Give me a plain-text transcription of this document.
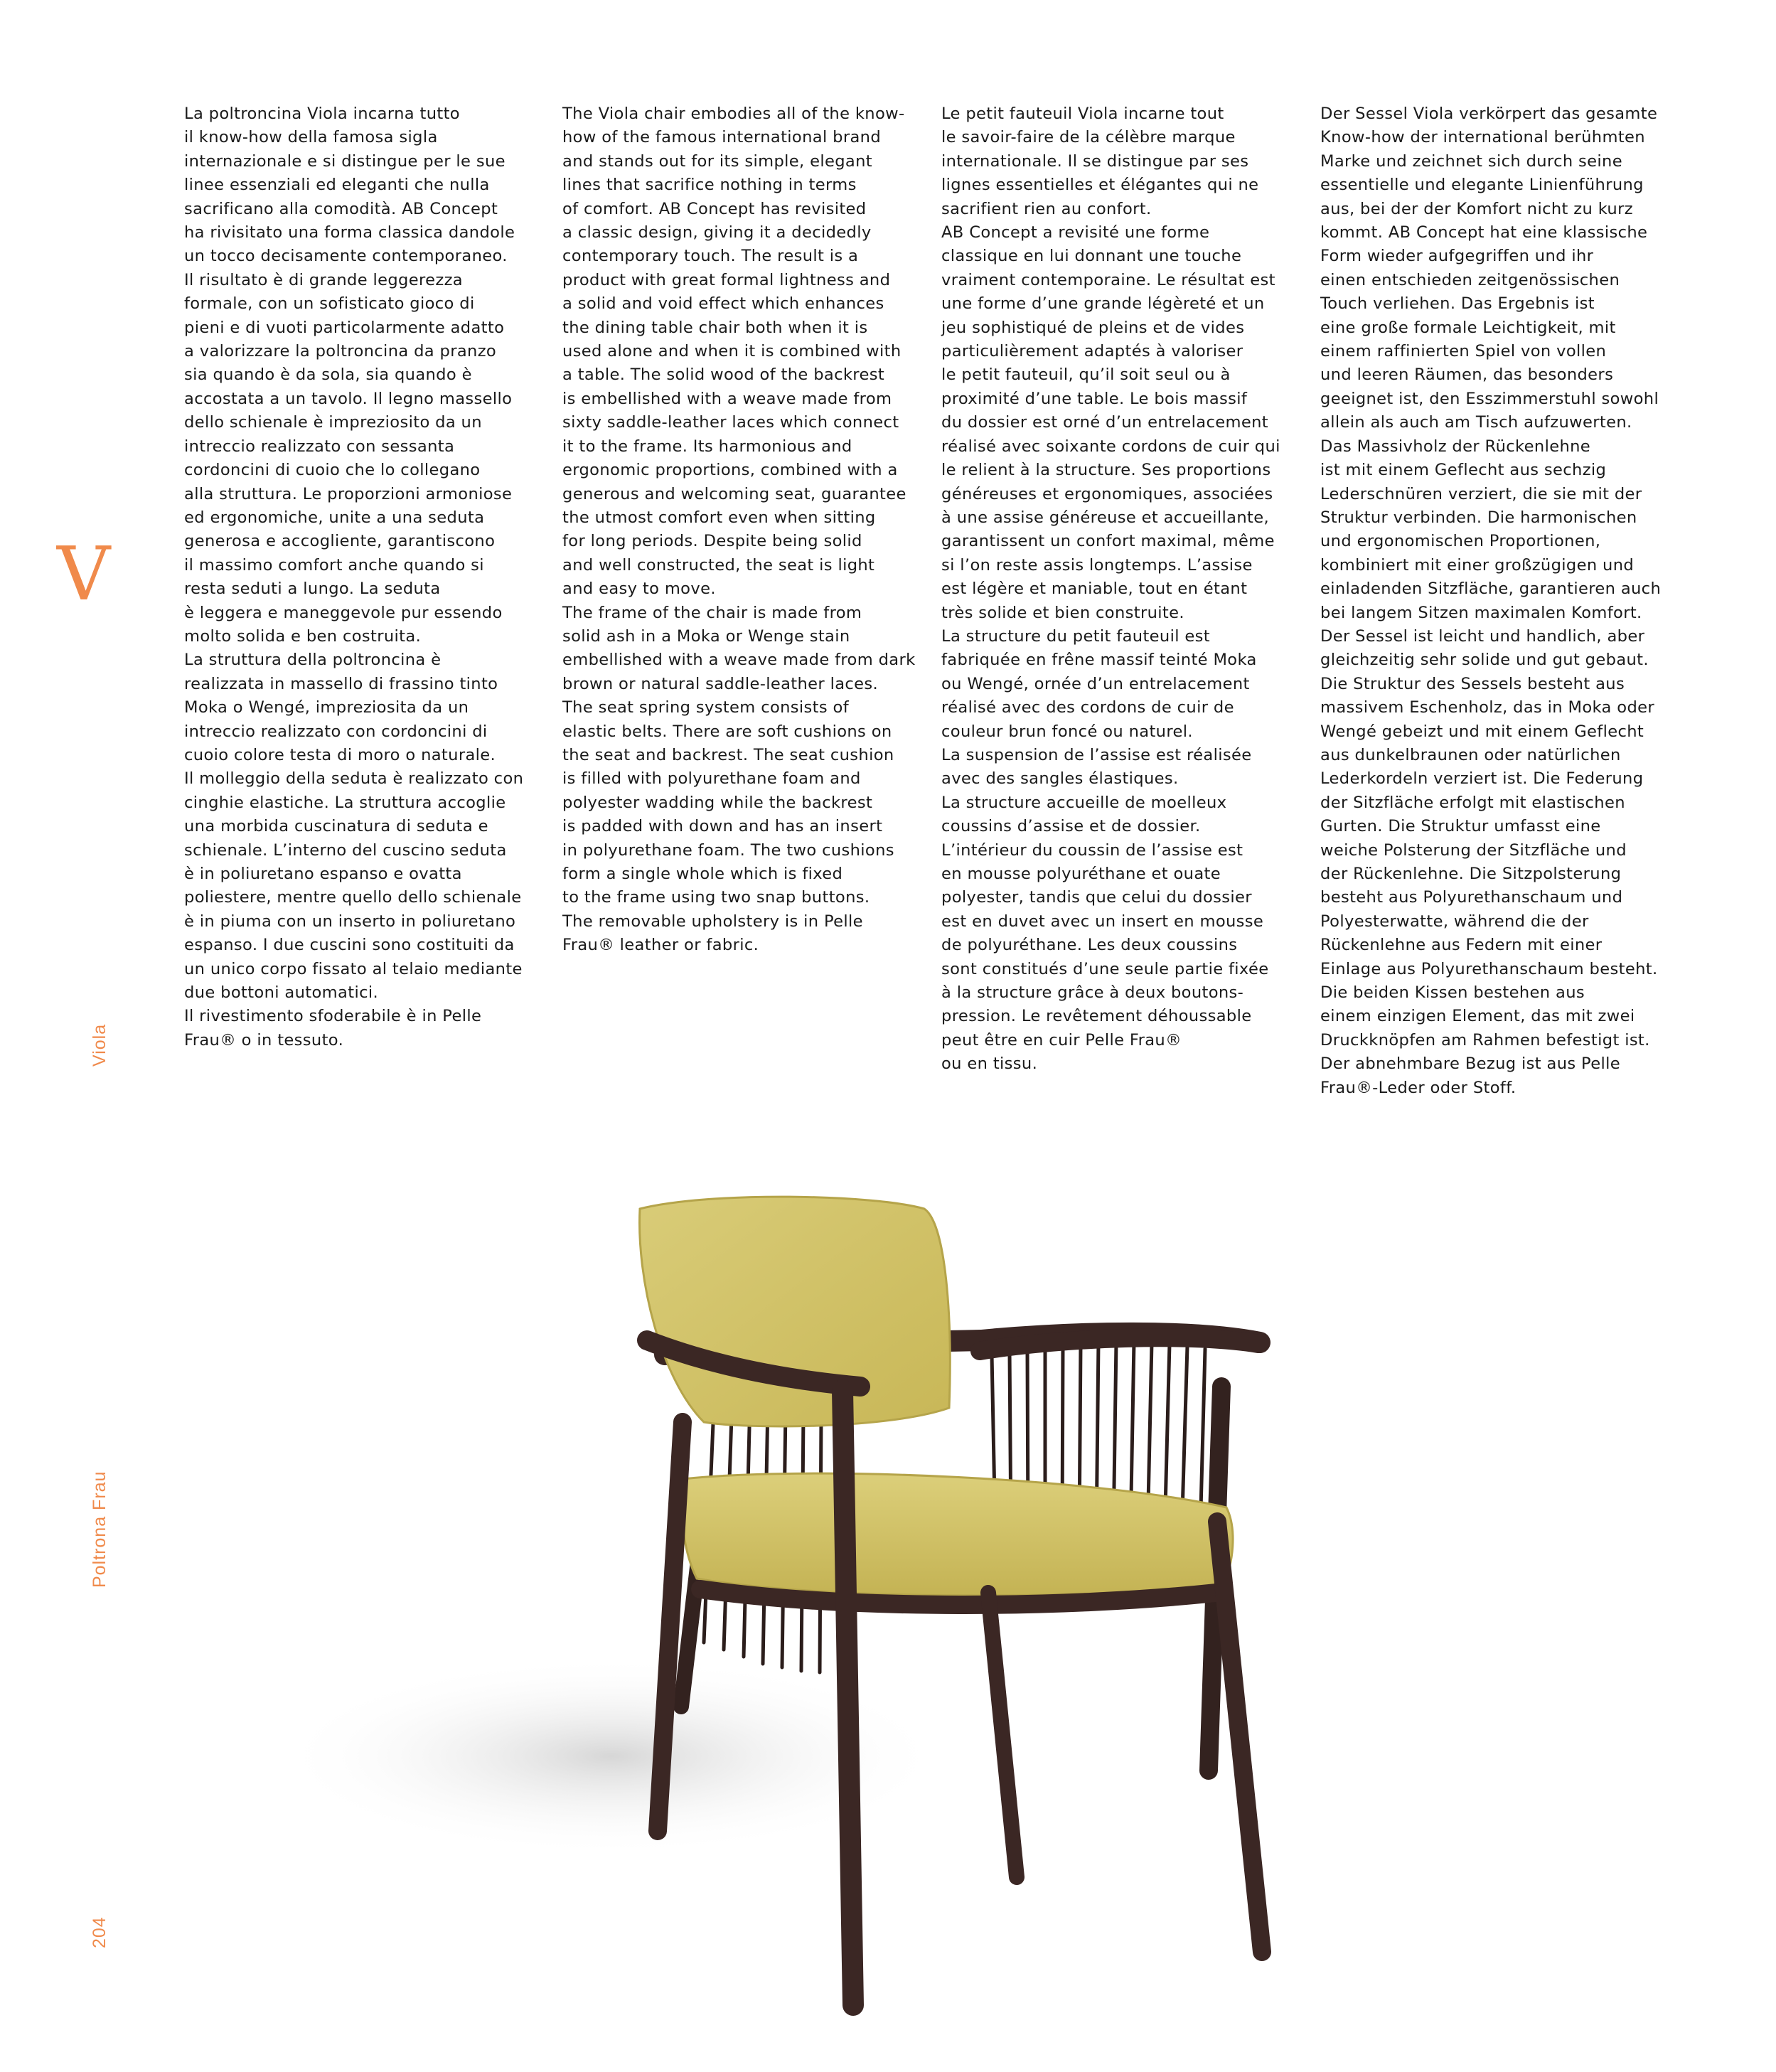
V
Viola
Poltrona Frau
204
La poltroncina Viola incarna tutto
il know-how della famosa sigla
internazionale e si distingue per le sue
linee essenziali ed eleganti che nulla
sacrificano alla comodità. AB Concept
ha rivisitato una forma classica dandole
un tocco decisamente contemporaneo.
Il risultato è di grande leggerezza
formale, con un sofisticato gioco di
pieni e di vuoti particolarmente adatto
a valorizzare la poltroncina da pranzo
sia quando è da sola, sia quando è
accostata a un tavolo. Il legno massello
dello schienale è impreziosito da un
intreccio realizzato con sessanta
cordoncini di cuoio che lo collegano
alla struttura. Le proporzioni armoniose
ed ergonomiche, unite a una seduta
generosa e accogliente, garantiscono
il massimo comfort anche quando si
resta seduti a lungo. La seduta
è leggera e maneggevole pur essendo
molto solida e ben costruita.
La struttura della poltroncina è
realizzata in massello di frassino tinto
Moka o Wengé, impreziosita da un
intreccio realizzato con cordoncini di
cuoio colore testa di moro o naturale.
Il molleggio della seduta è realizzato con
cinghie elastiche. La struttura accoglie
una morbida cuscinatura di seduta e
schienale. L’interno del cuscino seduta
è in poliuretano espanso e ovatta
poliestere, mentre quello dello schienale
è in piuma con un inserto in poliuretano
espanso. I due cuscini sono costituiti da
un unico corpo fissato al telaio mediante
due bottoni automatici.
Il rivestimento sfoderabile è in Pelle
Frau® o in tessuto.
The Viola chair embodies all of the know-
how of the famous international brand
and stands out for its simple, elegant
lines that sacrifice nothing in terms
of comfort. AB Concept has revisited
a classic design, giving it a decidedly
contemporary touch. The result is a
product with great formal lightness and
a solid and void effect which enhances
the dining table chair both when it is
used alone and when it is combined with
a table. The solid wood of the backrest
is embellished with a weave made from
sixty saddle-leather laces which connect
it to the frame. Its harmonious and
ergonomic proportions, combined with a
generous and welcoming seat, guarantee
the utmost comfort even when sitting
for long periods. Despite being solid
and well constructed, the seat is light
and easy to move.
The frame of the chair is made from
solid ash in a Moka or Wenge stain
embellished with a weave made from dark
brown or natural saddle-leather laces.
The seat spring system consists of
elastic belts. There are soft cushions on
the seat and backrest. The seat cushion
is filled with polyurethane foam and
polyester wadding while the backrest
is padded with down and has an insert
in polyurethane foam. The two cushions
form a single whole which is fixed
to the frame using two snap buttons.
The removable upholstery is in Pelle
Frau® leather or fabric.
Le petit fauteuil Viola incarne tout
le savoir-faire de la célèbre marque
internationale. Il se distingue par ses
lignes essentielles et élégantes qui ne
sacrifient rien au confort.
AB Concept a revisité une forme
classique en lui donnant une touche
vraiment contemporaine. Le résultat est
une forme d’une grande légèreté et un
jeu sophistiqué de pleins et de vides
particulièrement adaptés à valoriser
le petit fauteuil, qu’il soit seul ou à
proximité d’une table. Le bois massif
du dossier est orné d’un entrelacement
réalisé avec soixante cordons de cuir qui
le relient à la structure. Ses proportions
généreuses et ergonomiques, associées
à une assise généreuse et accueillante,
garantissent un confort maximal, même
si l’on reste assis longtemps. L’assise
est légère et maniable, tout en étant
très solide et bien construite.
La structure du petit fauteuil est
fabriquée en frêne massif teinté Moka
ou Wengé, ornée d’un entrelacement
réalisé avec des cordons de cuir de
couleur brun foncé ou naturel.
La suspension de l’assise est réalisée
avec des sangles élastiques.
La structure accueille de moelleux
coussins d’assise et de dossier.
L’intérieur du coussin de l’assise est
en mousse polyuréthane et ouate
polyester, tandis que celui du dossier
est en duvet avec un insert en mousse
de polyuréthane. Les deux coussins
sont constitués d’une seule partie fixée
à la structure grâce à deux boutons-
pression. Le revêtement déhoussable
peut être en cuir Pelle Frau®
ou en tissu.
Der Sessel Viola verkörpert das gesamte
Know-how der international berühmten
Marke und zeichnet sich durch seine
essentielle und elegante Linienführung
aus, bei der der Komfort nicht zu kurz
kommt. AB Concept hat eine klassische
Form wieder aufgegriffen und ihr
einen entschieden zeitgenössischen
Touch verliehen. Das Ergebnis ist
eine große formale Leichtigkeit, mit
einem raffinierten Spiel von vollen
und leeren Räumen, das besonders
geeignet ist, den Esszimmerstuhl sowohl
allein als auch am Tisch aufzuwerten.
Das Massivholz der Rückenlehne
ist mit einem Geflecht aus sechzig
Lederschnüren verziert, die sie mit der
Struktur verbinden. Die harmonischen
und ergonomischen Proportionen,
kombiniert mit einer großzügigen und
einladenden Sitzfläche, garantieren auch
bei langem Sitzen maximalen Komfort.
Der Sessel ist leicht und handlich, aber
gleichzeitig sehr solide und gut gebaut.
Die Struktur des Sessels besteht aus
massivem Eschenholz, das in Moka oder
Wengé gebeizt und mit einem Geflecht
aus dunkelbraunen oder natürlichen
Lederkordeln verziert ist. Die Federung
der Sitzfläche erfolgt mit elastischen
Gurten. Die Struktur umfasst eine
weiche Polsterung der Sitzfläche und
der Rückenlehne. Die Sitzpolsterung
besteht aus Polyurethanschaum und
Polyesterwatte, während die der
Rückenlehne aus Federn mit einer
Einlage aus Polyurethanschaum besteht.
Die beiden Kissen bestehen aus
einem einzigen Element, das mit zwei
Druckknöpfen am Rahmen befestigt ist.
Der abnehmbare Bezug ist aus Pelle
Frau®-Leder oder Stoff.
